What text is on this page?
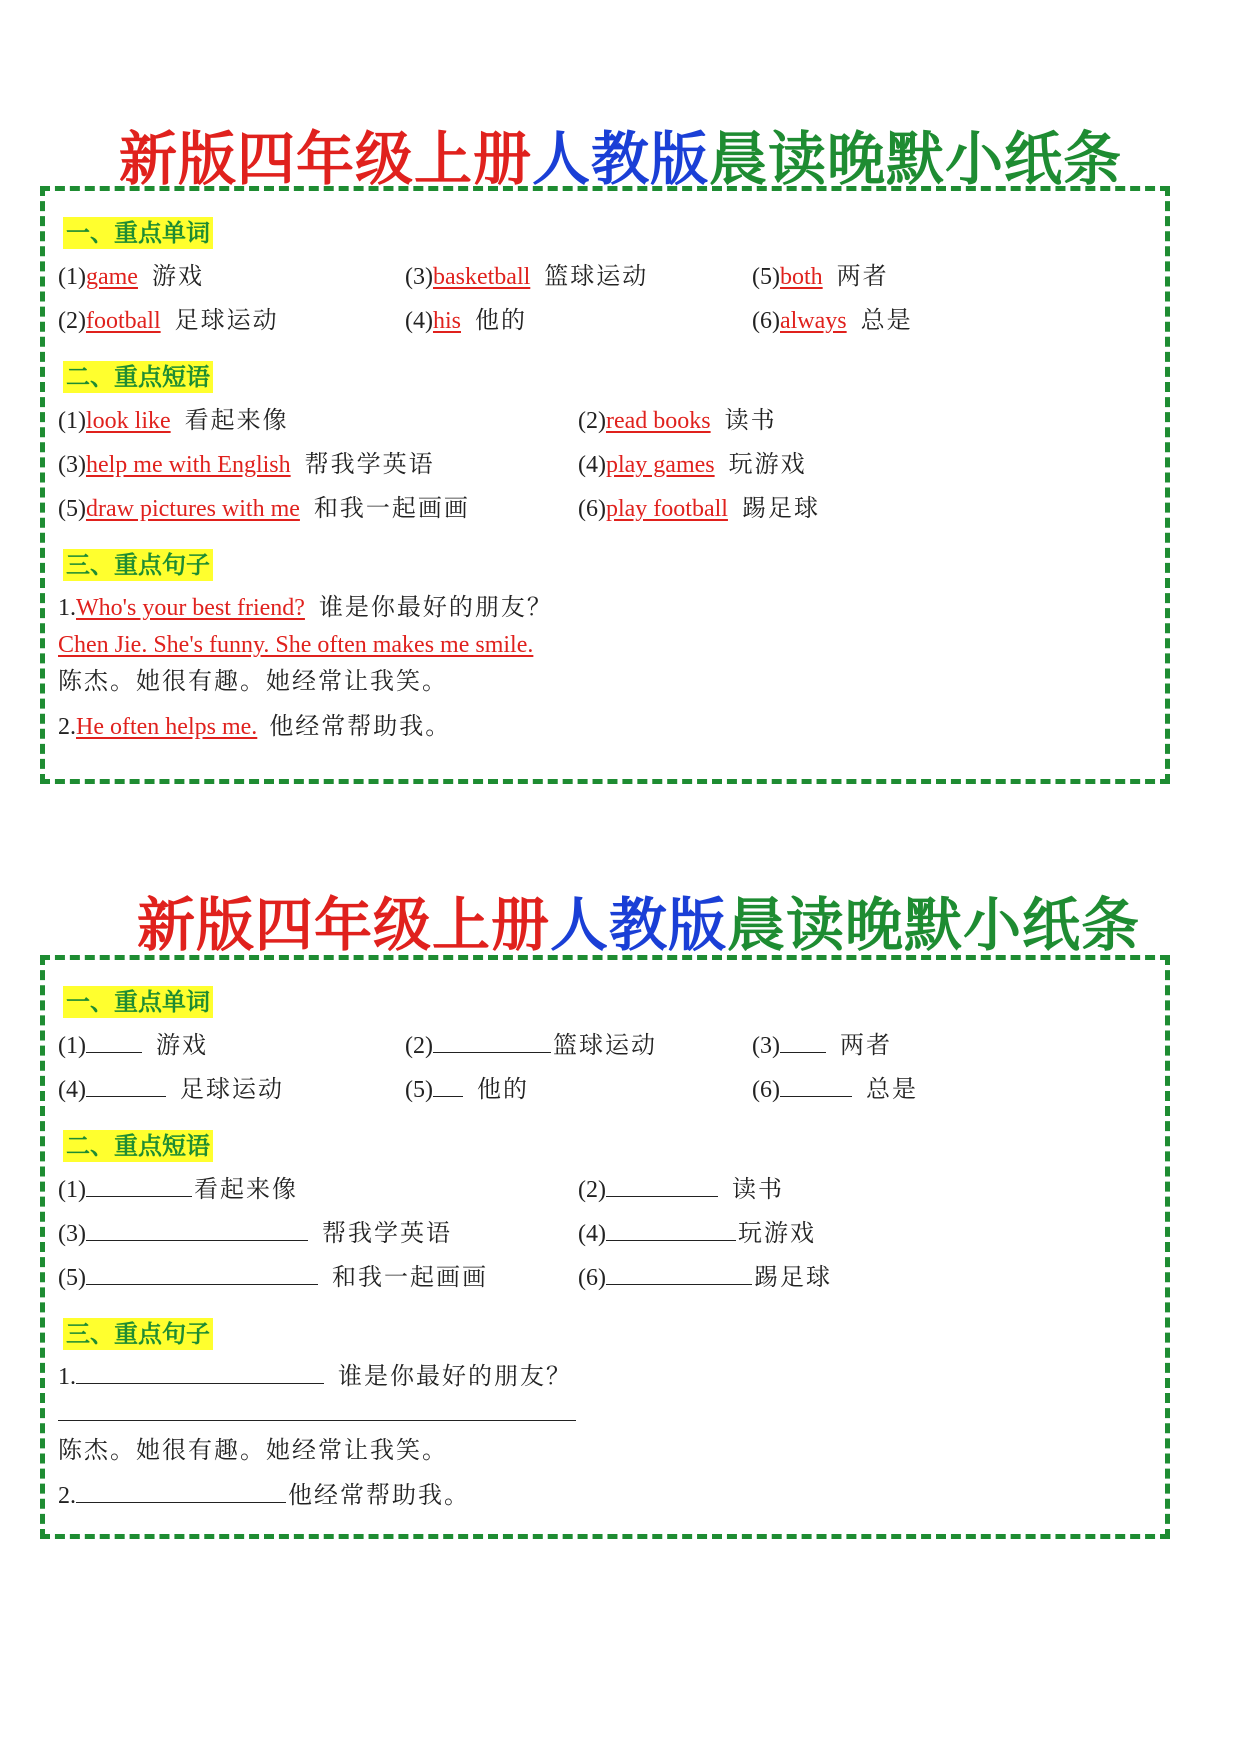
新版四年级上册人教版晨读晚默小纸条
一、重点单词
(1)game 游戏	(3)basketball 篮球运动	(5)both 两者
(2)football 足球运动	(4)his 他的	(6)always 总是
二、重点短语
(1)look like 看起来像	(2)read books 读书
(3)help me with English 帮我学英语	(4)play games 玩游戏
(5)draw pictures with me 和我一起画画	(6)play football 踢足球
三、重点句子
1.Who's your best friend? 谁是你最好的朋友？
Chen Jie. She's funny. She often makes me smile.
陈杰。她很有趣。她经常让我笑。
2.He often helps me. 他经常帮助我。
新版四年级上册人教版晨读晚默小纸条
一、重点单词
(1)	游戏	(2)	篮球运动	(3)	两者
(4)	足球运动	(5) 他的	(6)	总是
二、重点短语
(1)	看起来像	(2)	读书
(3)	帮我学英语	(4)	玩游戏
(5)	和我一起画画	(6)	踢足球
三、重点句子
1.	谁是你最好的朋友？
陈杰。她很有趣。她经常让我笑。
2.	他经常帮助我。
